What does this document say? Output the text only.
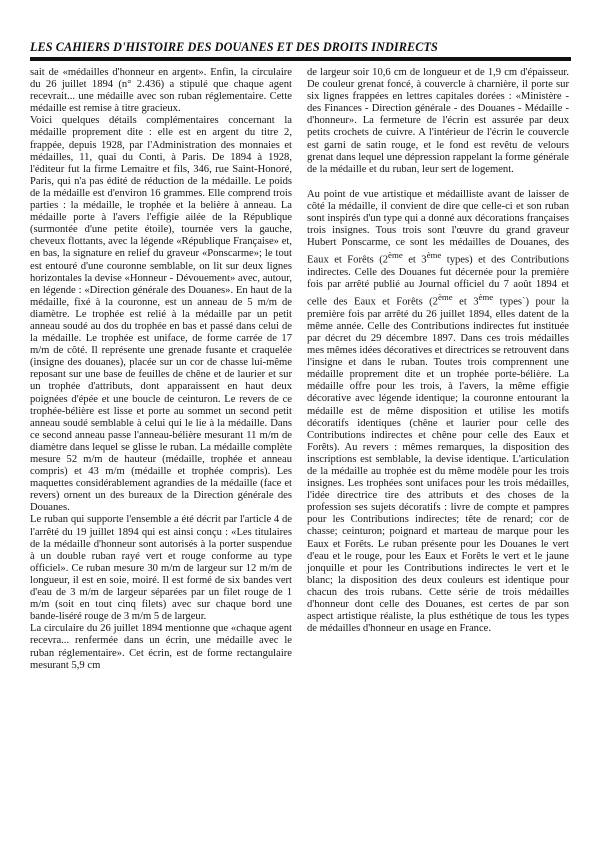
LES CAHIERS D'HISTOIRE DES DOUANES ET DES DROITS INDIRECTS

sait de «médailles d'honneur en argent». Enfin, la circulaire du 26 juillet 1894 (n° 2.436) a stipulé que chaque agent recevrait... une médaille avec son ruban réglementaire. Cette médaille est remise à titre gracieux.

Voici quelques détails complémentaires concernant la médaille proprement dite : elle est en argent du titre 2, frappée, depuis 1928, par l'Administration des monnaies et médailles, 11, quai du Conti, à Paris. De 1894 à 1928, l'éditeur fut la firme Lemaitre et fils, 346, rue Saint-Honoré, Paris, qui n'a pas édité de réduction de la médaille. Le poids de la médaille est d'environ 16 grammes. Elle comprend trois parties : la médaille, le trophée et la belière à anneau. La médaille porte à l'avers l'effigie ailée de la République (surmontée d'une petite étoile), tournée vers la gauche, cheveux flottants, avec la légende «République Française» et, en bas, la signature en relief du graveur «Ponscarme»; le tout est entouré d'une couronne semblable, on lit sur deux lignes horizontales la devise «Honneur - Dévouement» avec, autour, en légende : «Direction générale des Douanes». En haut de la médaille, fixé à la couronne, est un anneau de 5 m/m de diamètre. Le trophée est relié à la médaille par un petit anneau soudé au dos du trophée en bas et passé dans celui de la médaille. Le trophée est uniface, de forme carrée de 17 m/m de côté. Il représente une grenade fusante et craquelée (insigne des douanes), placée sur un cor de chasse lui-même reposant sur une base de feuilles de chêne et de laurier et sur un trophée d'attributs, dont apparaissent en haut deux poignées d'épée et une boucle de ceinturon. Le revers de ce trophée-bélière est lisse et porte au sommet un second petit anneau soudé semblable à celui qui le lie à la médaille. Dans ce second anneau passe l'anneau-bélière mesurant 11 m/m de diamètre dans lequel se glisse le ruban. La médaille complète mesure 52 m/m de hauteur (médaille, trophée et anneau compris) et 43 m/m (médaille et trophée compris). Les maquettes considérablement agrandies de la médaille (face et revers) ornent un des bureaux de la Direction générale des Douanes.

Le ruban qui supporte l'ensemble a été décrit par l'article 4 de l'arrêté du 19 juillet 1894 qui est ainsi conçu : «Les titulaires de la médaille d'honneur sont autorisés à la porter suspendue à un double ruban rayé vert et rouge conforme au type officiel». Ce ruban mesure 30 m/m de largeur sur 12 m/m de longueur, il est en soie, moiré. Il est formé de six bandes vert d'eau de 3 m/m de largeur séparées par un filet rouge de 1 m/m (soit en tout cinq filets) avec sur chaque bord une bande-liséré rouge de 3 m/m 5 de largeur.

La circulaire du 26 juillet 1894 mentionne que «chaque agent recevra... renfermée dans un écrin, une médaille avec le ruban réglementaire». Cet écrin, est de forme rectangulaire mesurant 5,9 cm

de largeur soir 10,6 cm de longueur et de 1,9 cm d'épaisseur. De couleur grenat foncé, à couvercle à charnière, il porte sur six lignes frappées en lettres capitales dorées : «Ministère - des Finances - Direction générale - des Douanes - Médaille - d'honneur». La fermeture de l'écrin est assurée par deux petits crochets de cuivre. A l'intérieur de l'écrin le couvercle est garni de satin rouge, et le fond est revêtu de velours grenat dans lequel une dépression rappelant la forme générale de la médaille et du ruban, leur sert de logement.

Au point de vue artistique et médailliste avant de laisser de côté la médaille, il convient de dire que celle-ci et son ruban sont inspirés d'un type qui a donné aux décorations françaises trois insignes. Tous trois sont l'œuvre du grand graveur Hubert Ponscarme, ce sont les médailles de Douanes, des Eaux et Forêts (2ème et 3ème types) et des Contributions indirectes. Celle des Douanes fut décernée pour la première fois par arrêté publié au Journal officiel du 7 août 1894 et celle des Eaux et Forêts (2ème et 3ème types`) pour la première fois par arrêté du 26 juillet 1894, elles datent de la même année. Celle des Contributions indirectes fut instituée par décret du 29 décembre 1897. Dans ces trois médailles mes mêmes idées décoratives et directrices se retrouvent dans l'insigne et dans le ruban. Toutes trois comprennent une médaille proprement dite et un trophée porte-bélière. La médaille offre pour les trois, à l'avers, la même effigie décorative avec légende identique; la couronne entourant la médaille est de même disposition et utilise les motifs décoratifs identiques (chêne et laurier pour celle des Contributions indirectes et chêne pour celle des Eaux et Forêts). Au revers : mêmes remarques, la disposition des inscriptions est semblable, la devise identique. L'articulation de la médaille au trophée est du même modèle pour les trois insignes. Les trophées sont unifaces pour les trois médailles, l'idée directrice tire des attributs et des choses de la profession ses sujets décoratifs : livre de compte et pampres pour les Contributions indirectes; tête de renard; cor de chasse; ceinturon; poignard et marteau de marque pour les Eaux et Forêts. Le ruban présente pour les Douanes le vert d'eau et le rouge, pour les Eaux et Forêts le vert et le jaune jonquille et pour les Contributions indirectes le vert et le blanc; la disposition des deux couleurs est identique pour chacun des trois rubans. Cette série de trois médailles d'honneur dont celle des Douanes, est certes de par son aspect artistique réaliste, la plus esthétique de tous les types de médailles d'honneur en usage en France.
